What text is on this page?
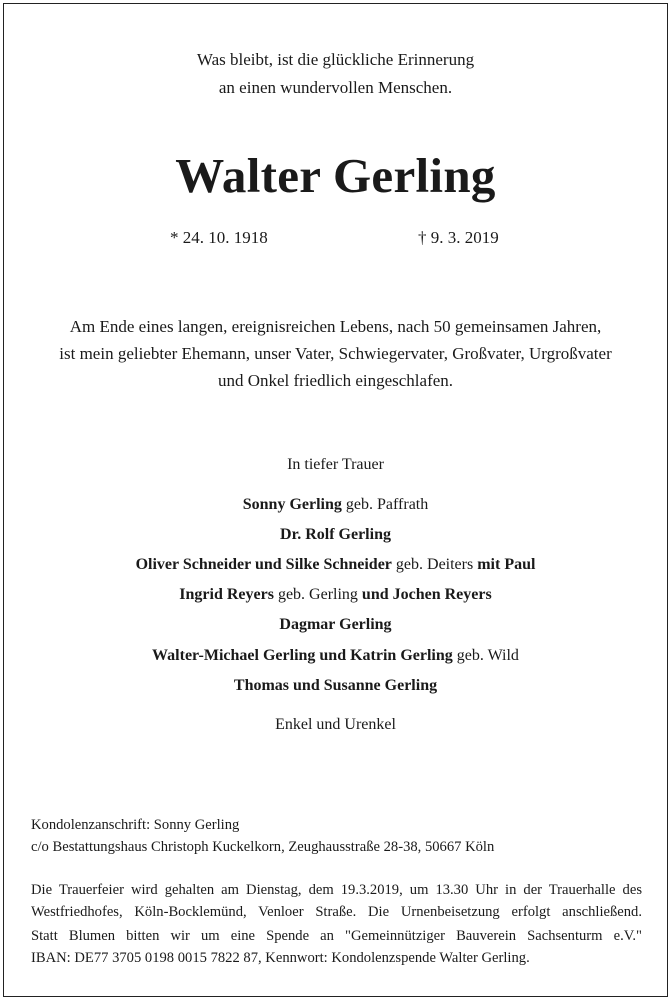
Was bleibt, ist die glückliche Erinnerung
an einen wundervollen Menschen.
Walter Gerling
* 24. 10. 1918	† 9. 3. 2019
Am Ende eines langen, ereignisreichen Lebens, nach 50 gemeinsamen Jahren,
ist mein geliebter Ehemann, unser Vater, Schwiegervater, Großvater, Urgroßvater
und Onkel friedlich eingeschlafen.
In tiefer Trauer
Sonny Gerling geb. Paffrath
Dr. Rolf Gerling
Oliver Schneider und Silke Schneider geb. Deiters mit Paul
Ingrid Reyers geb. Gerling und Jochen Reyers
Dagmar Gerling
Walter-Michael Gerling und Katrin Gerling geb. Wild
Thomas und Susanne Gerling
Enkel und Urenkel
Kondolenzanschrift: Sonny Gerling
c/o Bestattungshaus Christoph Kuckelkorn, Zeughausstraße 28-38, 50667 Köln
Die Trauerfeier wird gehalten am Dienstag, dem 19.3.2019, um 13.30 Uhr in der Trauerhalle des
Westfriedhofes, Köln-Bocklemünd, Venloer Straße. Die Urnenbeisetzung erfolgt anschließend.
Statt Blumen bitten wir um eine Spende an "Gemeinnütziger Bauverein Sachsenturm e.V."
IBAN: DE77 3705 0198 0015 7822 87, Kennwort: Kondolenzspende Walter Gerling.
